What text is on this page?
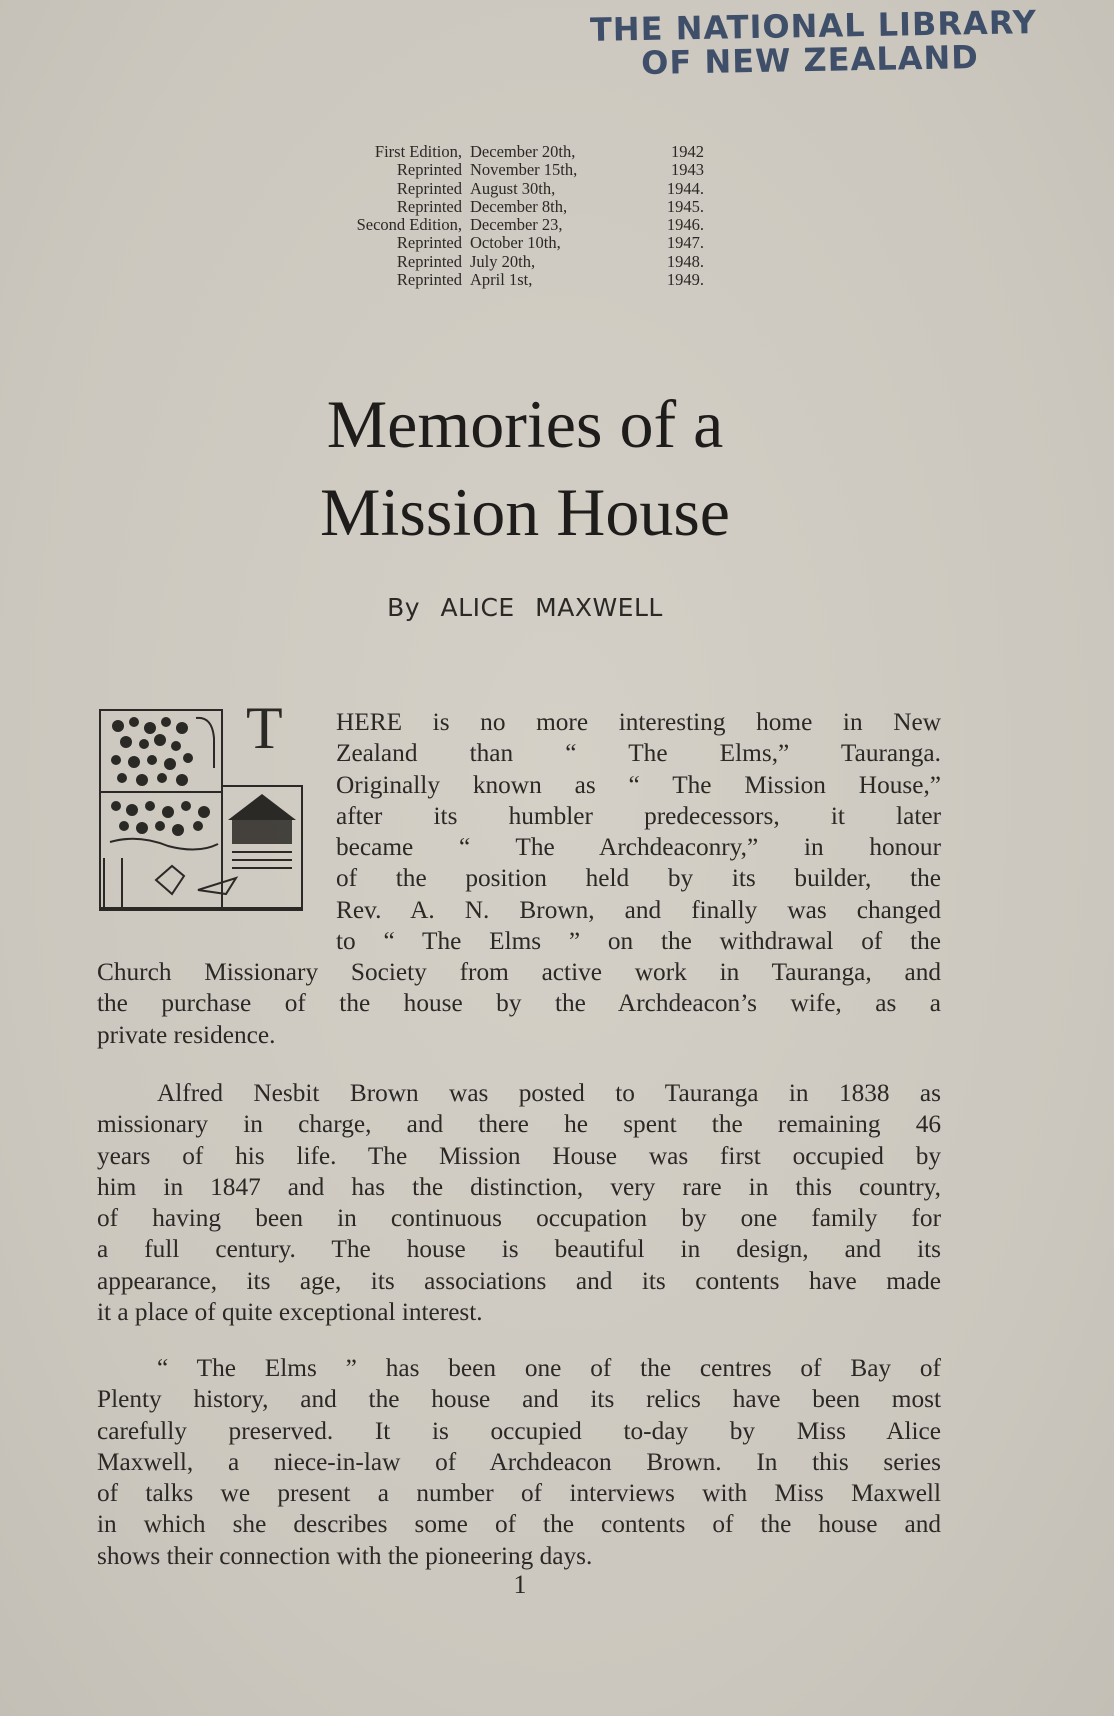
THE NATIONAL LIBRARY
OF NEW ZEALAND
First Edition, December 20th,	1942
Reprinted November 15th,	1943
Reprinted August 30th,	1944.
Reprinted December 8th,	1945.
Second Edition, December 23,	1946.
Reprinted October 10th,	1947.
Reprinted July 20th,	1948.
Reprinted April 1st,	1949.
Memories of a
Mission House
By ALICE MAXWELL
T HERE is no more interesting home in New
Zealand than “ The Elms,” Tauranga.
Originally known as “ The Mission House,”
after its humbler predecessors, it later
became “ The Archdeaconry,” in honour
of the position held by its builder, the
Rev. A. N. Brown, and finally was changed
to “ The Elms ” on the withdrawal of the
Church Missionary Society from active work in Tauranga, and
the purchase of the house by the Archdeacon’s wife, as a
private residence.
Alfred Nesbit Brown was posted to Tauranga in 1838 as
missionary in charge, and there he spent the remaining 46
years of his life. The Mission House was first occupied by
him in 1847 and has the distinction, very rare in this country,
of having been in continuous occupation by one family for
a full century. The house is beautiful in design, and its
appearance, its age, its associations and its contents have made
it a place of quite exceptional interest.
“ The Elms ” has been one of the centres of Bay of
Plenty history, and the house and its relics have been most
carefully preserved. It is occupied to-day by Miss Alice
Maxwell, a niece-in-law of Archdeacon Brown. In this series
of talks we present a number of interviews with Miss Maxwell
in which she describes some of the contents of the house and
shows their connection with the pioneering days.
1
